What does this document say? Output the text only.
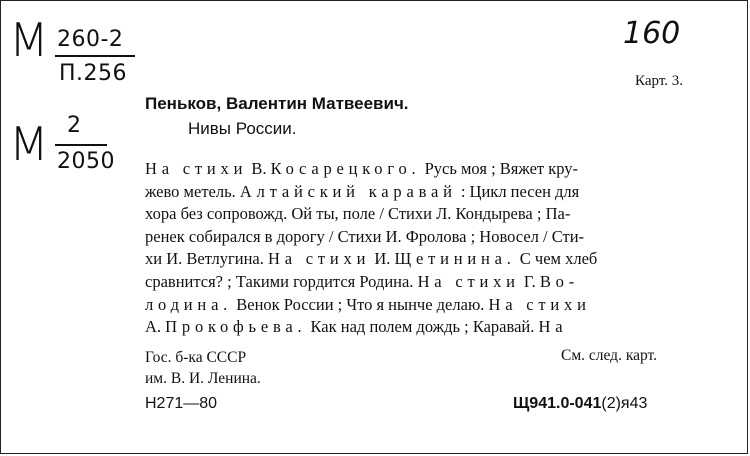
М 260-2
П.256
М 2
2050
160
Карт. 3.
Пеньков, Валентин Матвеевич.
Нивы России.
На стихи В. Косарецкого. Русь моя ; Вяжет кру-
жево метель. Алтайский каравай : Цикл песен для
хора без сопровожд. Ой ты, поле / Стихи Л. Кондырева ; Па-
ренек собирался в дорогу / Стихи И. Фролова ; Новосел / Сти-
хи И. Ветлугина. На стихи И. Щетинина. С чем хлеб
сравнится? ; Такими гордится Родина. На стихи Г. Во-
лодина. Венок России ; Что я нынче делаю. На стихи
А. Прокофьева. Как над полем дождь ; Каравай. На
Гос. б-ка СССР
им. В. И. Ленина.
См. след. карт.
Н271—80	Щ941.0-041(2)я43
